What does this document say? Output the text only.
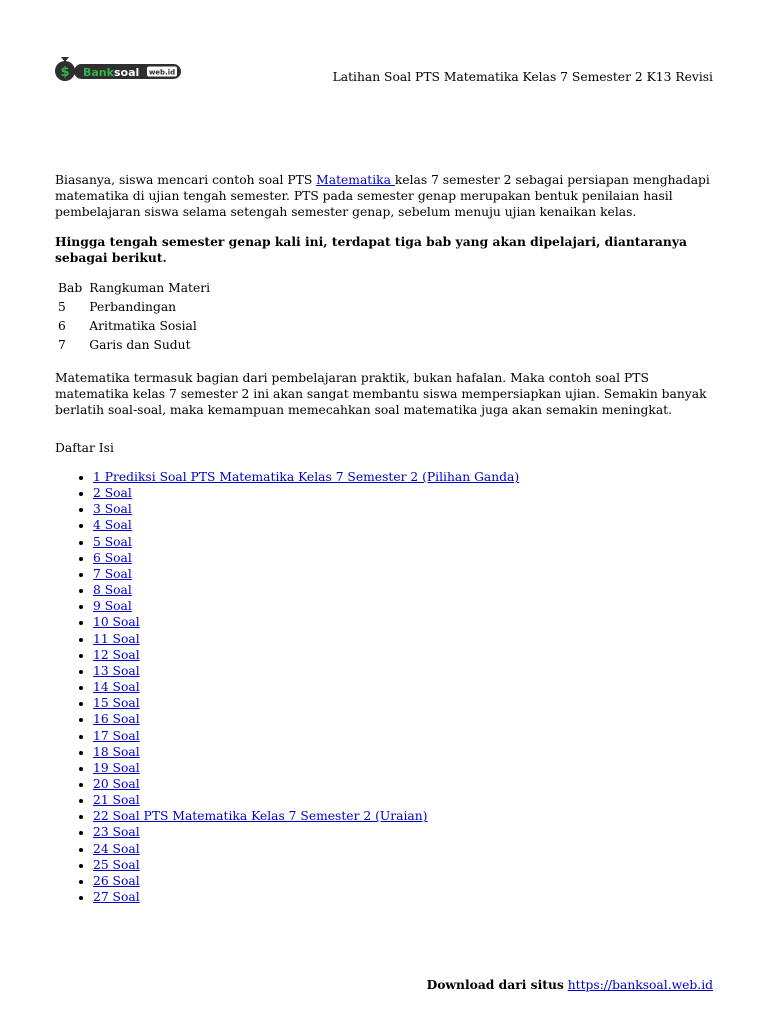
$ Banksoal web.id	Latihan Soal PTS Matematika Kelas 7 Semester 2 K13 Revisi

Biasanya, siswa mencari contoh soal PTS Matematika kelas 7 semester 2 sebagai persiapan menghadapi matematika di ujian tengah semester. PTS pada semester genap merupakan bentuk penilaian hasil pembelajaran siswa selama setengah semester genap, sebelum menuju ujian kenaikan kelas.

Hingga tengah semester genap kali ini, terdapat tiga bab yang akan dipelajari, diantaranya sebagai berikut.

Bab	Rangkuman Materi
5	Perbandingan
6	Aritmatika Sosial
7	Garis dan Sudut

Matematika termasuk bagian dari pembelajaran praktik, bukan hafalan. Maka contoh soal PTS matematika kelas 7 semester 2 ini akan sangat membantu siswa mempersiapkan ujian. Semakin banyak berlatih soal-soal, maka kemampuan memecahkan soal matematika juga akan semakin meningkat.

Daftar Isi

• 1 Prediksi Soal PTS Matematika Kelas 7 Semester 2 (Pilihan Ganda)
• 2 Soal
• 3 Soal
• 4 Soal
• 5 Soal
• 6 Soal
• 7 Soal
• 8 Soal
• 9 Soal
• 10 Soal
• 11 Soal
• 12 Soal
• 13 Soal
• 14 Soal
• 15 Soal
• 16 Soal
• 17 Soal
• 18 Soal
• 19 Soal
• 20 Soal
• 21 Soal
• 22 Soal PTS Matematika Kelas 7 Semester 2 (Uraian)
• 23 Soal
• 24 Soal
• 25 Soal
• 26 Soal
• 27 Soal
Download dari situs https://banksoal.web.id
